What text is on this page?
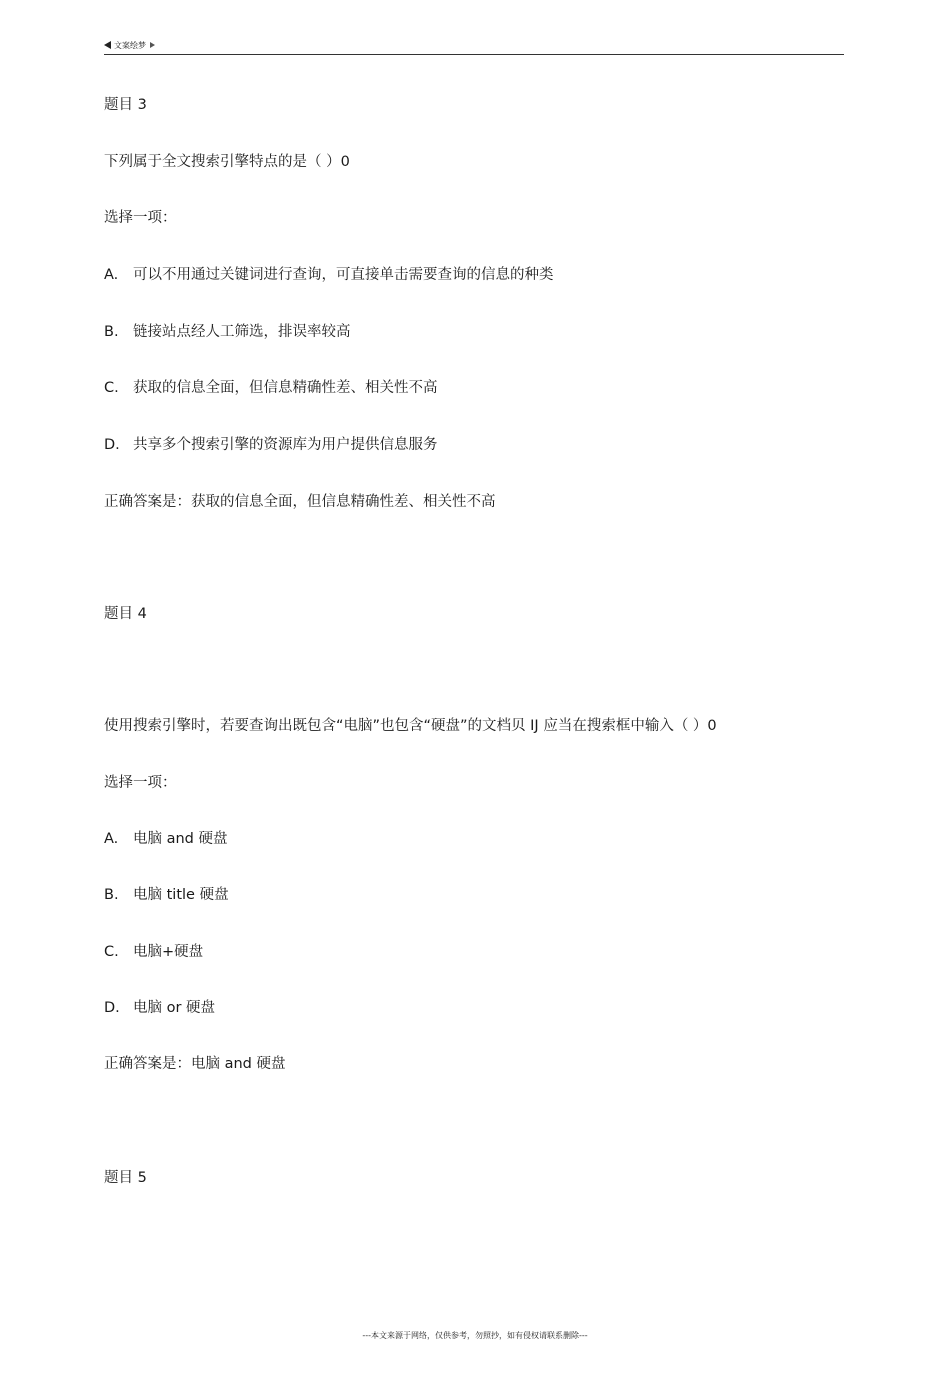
文案绘梦
题目 3
下列属于全文搜索引擎特点的是（ ）0
选择一项：
A. 可以不用通过关键词进行查询，可直接单击需要查询的信息的种类
B. 链接站点经人工筛选，排误率较高
C. 获取的信息全面，但信息精确性差、相关性不高
D. 共享多个搜索引擎的资源库为用户提供信息服务
正确答案是：获取的信息全面，但信息精确性差、相关性不高
题目 4
使用搜索引擎时，若要查询出既包含“电脑”也包含“硬盘”的文档贝 IJ 应当在搜索框中输入（ ）0
选择一项：
A. 电脑 and 硬盘
B. 电脑 title 硬盘
C. 电脑+硬盘
D. 电脑 or 硬盘
正确答案是：电脑 and 硬盘
题目 5
---本文来源于网络，仅供参考，勿照抄，如有侵权请联系删除---
